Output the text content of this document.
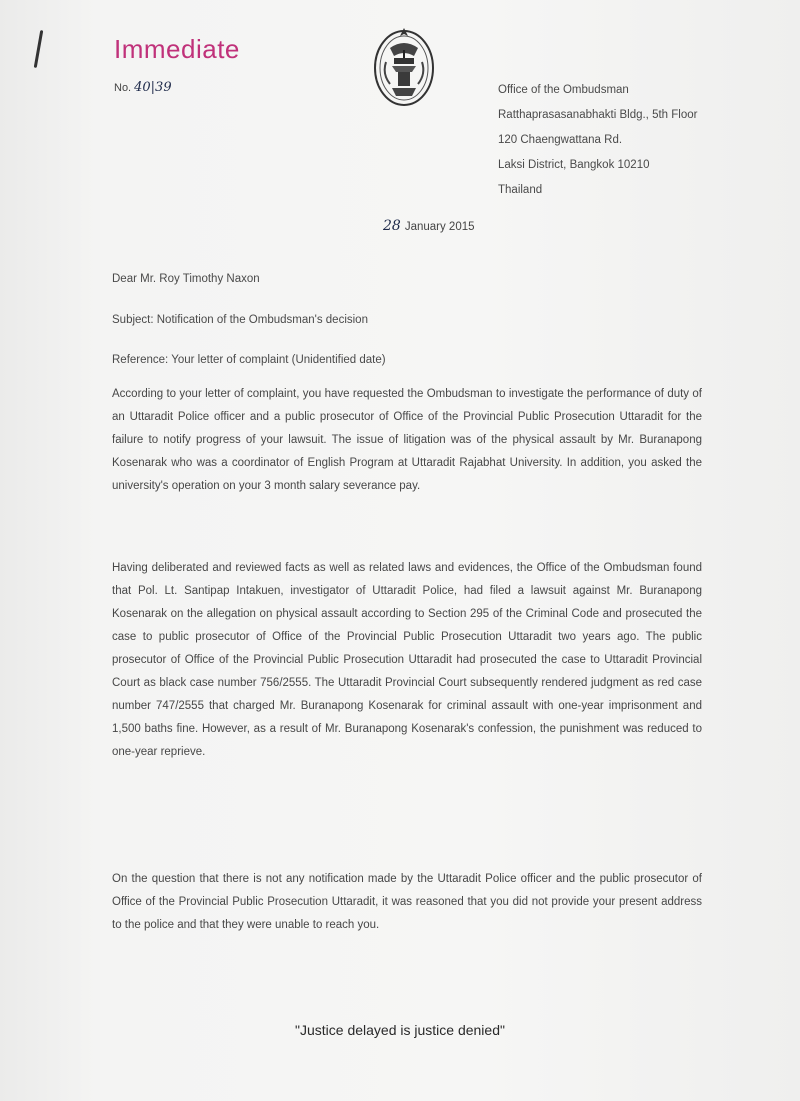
Immediate
No. 40|39	Office of the Ombudsman
Ratthaprasasanabhakti Bldg., 5th Floor
120 Chaengwattana Rd.
Laksi District, Bangkok 10210
Thailand
28 January 2015
Dear Mr. Roy Timothy Naxon
Subject: Notification of the Ombudsman's decision
Reference: Your letter of complaint (Unidentified date)
According to your letter of complaint, you have requested the Ombudsman to investigate the performance of duty of an Uttaradit Police officer and a public prosecutor of Office of the Provincial Public Prosecution Uttaradit for the failure to notify progress of your lawsuit. The issue of litigation was of the physical assault by Mr. Buranapong Kosenarak who was a coordinator of English Program at Uttaradit Rajabhat University. In addition, you asked the university's operation on your 3 month salary severance pay.
Having deliberated and reviewed facts as well as related laws and evidences, the Office of the Ombudsman found that Pol. Lt. Santipap Intakuen, investigator of Uttaradit Police, had filed a lawsuit against Mr. Buranapong Kosenarak on the allegation on physical assault according to Section 295 of the Criminal Code and prosecuted the case to public prosecutor of Office of the Provincial Public Prosecution Uttaradit two years ago. The public prosecutor of Office of the Provincial Public Prosecution Uttaradit had prosecuted the case to Uttaradit Provincial Court as black case number 756/2555. The Uttaradit Provincial Court subsequently rendered judgment as red case number 747/2555 that charged Mr. Buranapong Kosenarak for criminal assault with one-year imprisonment and 1,500 baths fine. However, as a result of Mr. Buranapong Kosenarak's confession, the punishment was reduced to one-year reprieve.
On the question that there is not any notification made by the Uttaradit Police officer and the public prosecutor of Office of the Provincial Public Prosecution Uttaradit, it was reasoned that you did not provide your present address to the police and that they were unable to reach you.
"Justice delayed is justice denied"
